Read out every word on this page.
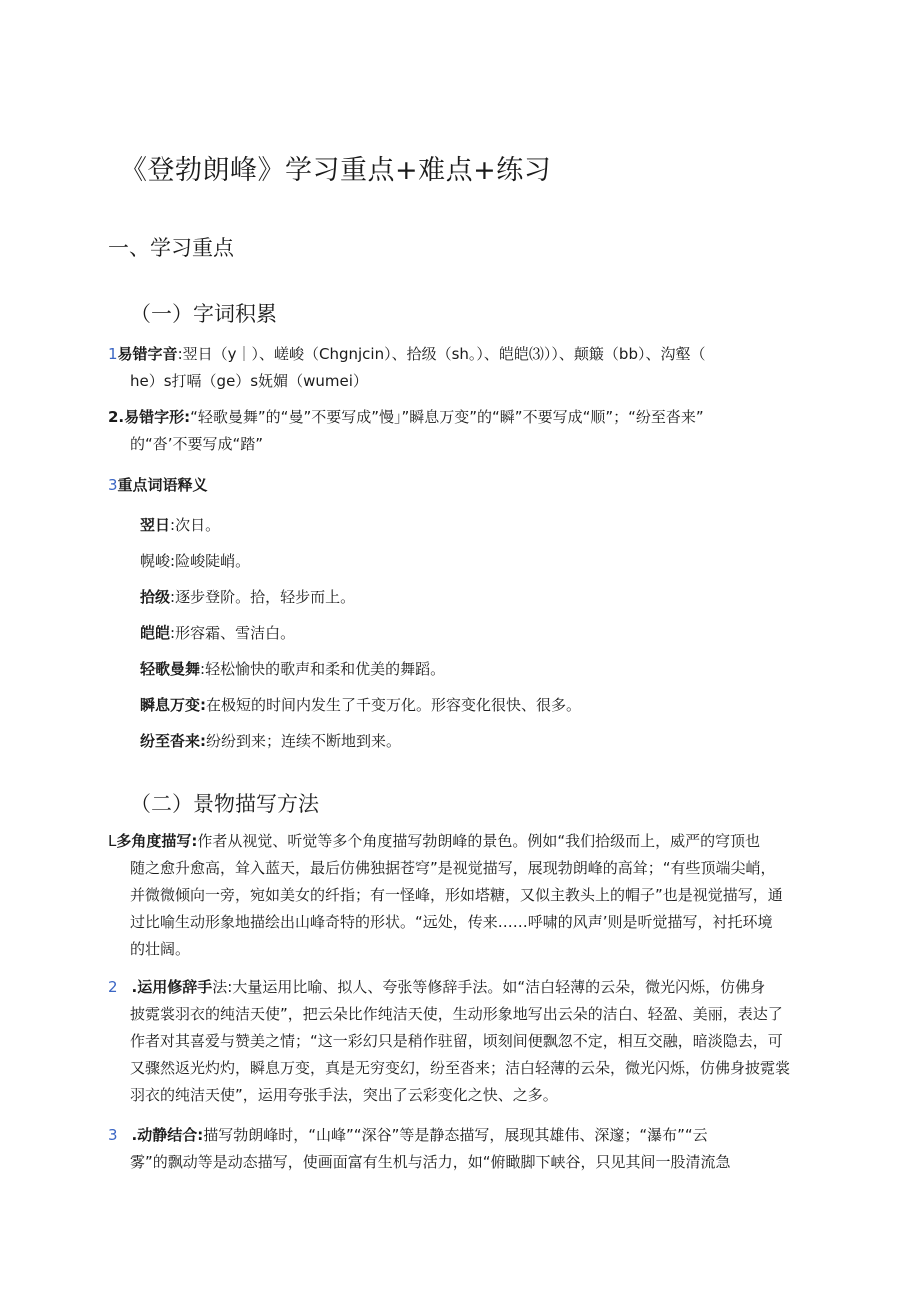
《登勃朗峰》学习重点+难点+练习
一、学习重点
（一）字词积累
1易错字音:翌日（y｜）、嵯峻（Chgnjcin）、拾级（sh。）、皑皑⑶））、颠簸（bb）、沟壑（
he）s打嗝（ge）s妩媚（wumei）
2.易错字形:“轻歌曼舞”的“曼”不要写成”慢」”瞬息万变”的“瞬”不要写成“顺”；“纷至沓来”
的“沓’不要写成“踏”
3重点词语释义
翌日:次日。
幌峻:险峻陡峭。
拾级:逐步登阶。拾，轻步而上。
皑皑:形容霜、雪洁白。
轻歌曼舞:轻松愉快的歌声和柔和优美的舞蹈。
瞬息万变:在极短的时间内发生了千变万化。形容变化很快、很多。
纷至沓来:纷纷到来；连续不断地到来。
（二）景物描写方法
L多角度描写:作者从视觉、听觉等多个角度描写勃朗峰的景色。例如“我们拾级而上，威严的穹顶也
随之愈升愈高，耸入蓝天，最后仿佛独据苍穹”是视觉描写，展现勃朗峰的高耸；“有些顶端尖峭，
并微微倾向一旁，宛如美女的纤指；有一怪峰，形如塔糖，又似主教头上的帽子”也是视觉描写，通
过比喻生动形象地描绘出山峰奇特的形状。“远处，传来……呼啸的风声’则是听觉描写，衬托环境
的壮阔。
2 .运用修辞手法:大量运用比喻、拟人、夸张等修辞手法。如“洁白轻薄的云朵，微光闪烁，仿佛身
披霓裳羽衣的纯洁天使”，把云朵比作纯洁天使，生动形象地写出云朵的洁白、轻盈、美丽，表达了
作者对其喜爱与赞美之情；“这一彩幻只是稍作驻留，顷刻间便飘忽不定，相互交融，暗淡隐去，可
又骤然返光灼灼，瞬息万变，真是无穷变幻，纷至沓来；洁白轻薄的云朵，微光闪烁，仿佛身披霓裳
羽衣的纯洁天使”，运用夸张手法，突出了云彩变化之快、之多。
3 .动静结合:描写勃朗峰时，“山峰”“深谷”等是静态描写，展现其雄伟、深邃；“瀑布”“云
雾”的飘动等是动态描写，使画面富有生机与活力，如“俯瞰脚下峡谷，只见其间一股清流急
